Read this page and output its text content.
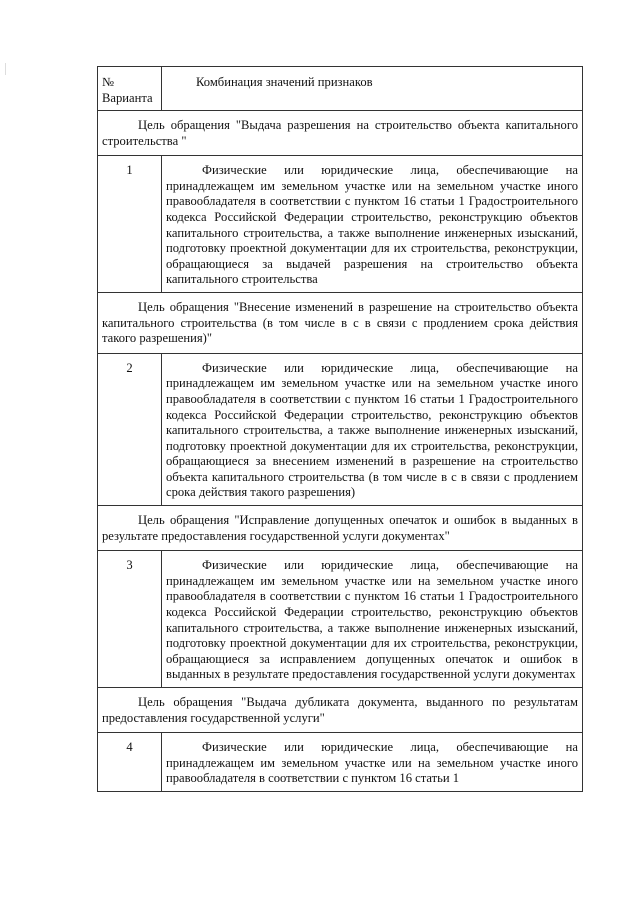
№ Варианта	Комбинация значений признаков

Цель обращения "Выдача разрешения на строительство объекта капитального строительства "	

1	Физические или юридические лица, обеспечивающие на принадлежащем им земельном участке или на земельном участке иного правообладателя в соответствии с пунктом 16 статьи 1 Градостроительного кодекса Российской Федерации строительство, реконструкцию объектов капитального строительства, а также выполнение инженерных изысканий, подготовку проектной документации для их строительства, реконструкции, обращающиеся за выдачей разрешения на строительство объекта капитального строительства

Цель обращения "Внесение изменений в разрешение на строительство объекта капитального строительства (в том числе в с в связи с продлением срока действия такого разрешения)"	

2	Физические или юридические лица, обеспечивающие на принадлежащем им земельном участке или на земельном участке иного правообладателя в соответствии с пунктом 16 статьи 1 Градостроительного кодекса Российской Федерации строительство, реконструкцию объектов капитального строительства, а также выполнение инженерных изысканий, подготовку проектной документации для их строительства, реконструкции, обращающиеся за внесением изменений в разрешение на строительство объекта капитального строительства (в том числе в с в связи с продлением срока действия такого разрешения)

Цель обращения "Исправление допущенных опечаток и ошибок в выданных в результате предоставления государственной услуги документах"	

3	Физические или юридические лица, обеспечивающие на принадлежащем им земельном участке или на земельном участке иного правообладателя в соответствии с пунктом 16 статьи 1 Градостроительного кодекса Российской Федерации строительство, реконструкцию объектов капитального строительства, а также выполнение инженерных изысканий, подготовку проектной документации для их строительства, реконструкции, обращающиеся за исправлением допущенных опечаток и ошибок в выданных в результате предоставления государственной услуги документах

Цель обращения "Выдача дубликата документа, выданного по результатам предоставления государственной услуги"	

4	Физические или юридические лица, обеспечивающие на принадлежащем им земельном участке или на земельном участке иного правообладателя в соответствии с пунктом 16 статьи 1
